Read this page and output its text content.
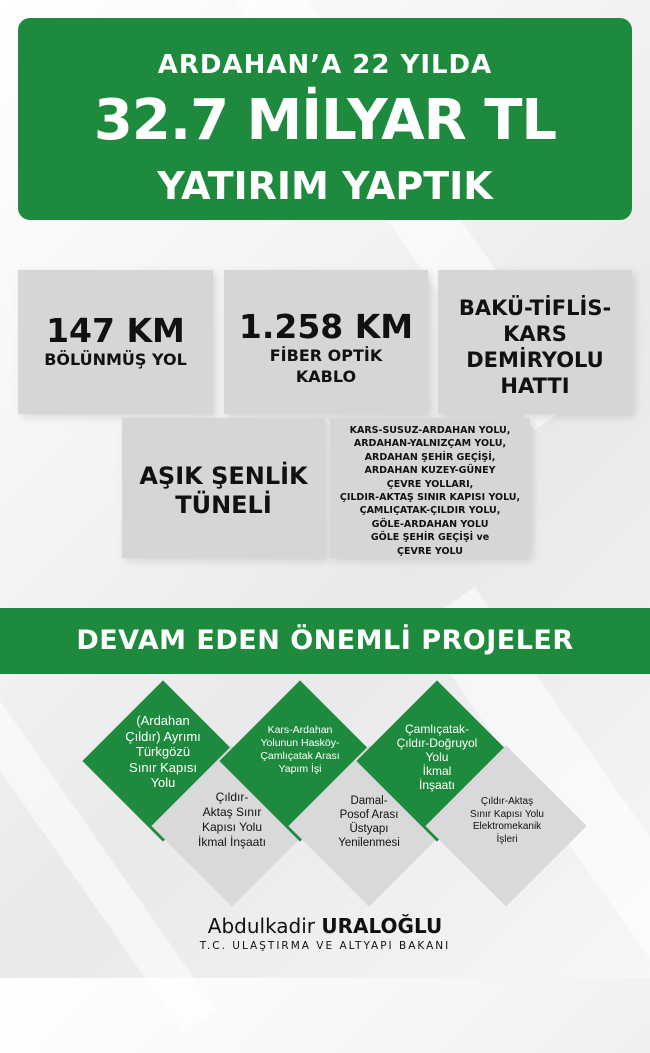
ARDAHAN’A 22 YILDA
32.7 MİLYAR TL
YATIRIM YAPTIK
147 KM
BÖLÜNMÜŞ YOL
1.258 KM
FİBER OPTİK
KABLO
BAKÜ-TİFLİS-
KARS
DEMİRYOLU
HATTI
AŞIK ŞENLİK
TÜNELİ
KARS-SUSUZ-ARDAHAN YOLU,
ARDAHAN-YALNIZÇAM YOLU,
ARDAHAN ŞEHİR GEÇİŞİ,
ARDAHAN KUZEY-GÜNEY
ÇEVRE YOLLARI,
ÇILDIR-AKTAŞ SINIR KAPISI YOLU,
ÇAMLIÇATAK-ÇILDIR YOLU,
GÖLE-ARDAHAN YOLU
GÖLE ŞEHİR GEÇİŞİ ve
ÇEVRE YOLU
DEVAM EDEN ÖNEMLİ PROJELER
(Ardahan
Çıldır) Ayrımı
Türkgözü
Sınır Kapısı
Yolu
Kars-Ardahan
Yolunun Hasköy-
Çamlıçatak Arası
Yapım İşi
Çamlıçatak-
Çıldır-Doğruyol
Yolu
İkmal
İnşaatı
Çıldır-
Aktaş Sınır
Kapısı Yolu
İkmal İnşaatı
Damal-
Posof Arası
Üstyapı
Yenilenmesi
Çıldır-Aktaş
Sınır Kapısı Yolu
Elektromekanik
İşleri
Abdulkadir URALOĞLU
T.C. ULAŞTIRMA VE ALTYAPI BAKANI
